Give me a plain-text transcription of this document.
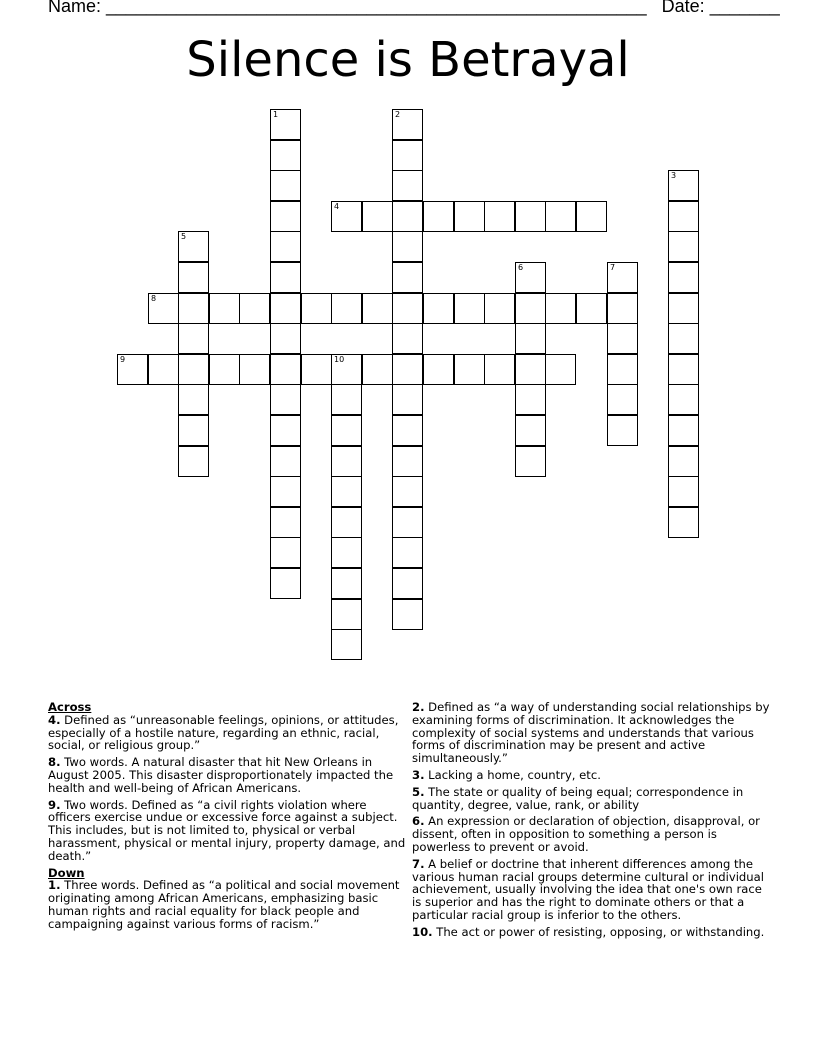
Name: ______________________________________________________ Date: _______
Silence is Betrayal
1	2
3
4
5
6	7
8
9	10
Across
4. Defined as “unreasonable feelings, opinions, or attitudes, especially of a hostile nature, regarding an ethnic, racial, social, or religious group.”
8. Two words. A natural disaster that hit New Orleans in August 2005. This disaster disproportionately impacted the health and well-being of African Americans.
9. Two words. Defined as “a civil rights violation where officers exercise undue or excessive force against a subject. This includes, but is not limited to, physical or verbal harassment, physical or mental injury, property damage, and death.”
Down
1. Three words. Defined as “a political and social movement originating among African Americans, emphasizing basic human rights and racial equality for black people and campaigning against various forms of racism.”
2. Defined as “a way of understanding social relationships by examining forms of discrimination. It acknowledges the complexity of social systems and understands that various forms of discrimination may be present and active simultaneously.”
3. Lacking a home, country, etc.
5. The state or quality of being equal; correspondence in quantity, degree, value, rank, or ability
6. An expression or declaration of objection, disapproval, or dissent, often in opposition to something a person is powerless to prevent or avoid.
7. A belief or doctrine that inherent differences among the various human racial groups determine cultural or individual achievement, usually involving the idea that one's own race is superior and has the right to dominate others or that a particular racial group is inferior to the others.
10. The act or power of resisting, opposing, or withstanding.
